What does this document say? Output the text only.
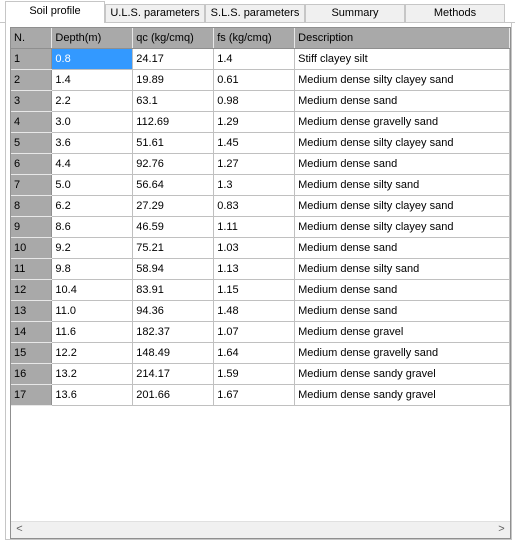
Soil profile	U.L.S. parameters	S.L.S. parameters	Summary	Methods
N.	Depth(m)	qc (kg/cmq)	fs (kg/cmq)	Description
1	0.8	24.17	1.4	Stiff clayey silt
2	1.4	19.89	0.61	Medium dense silty clayey sand
3	2.2	63.1	0.98	Medium dense sand
4	3.0	112.69	1.29	Medium dense gravelly sand
5	3.6	51.61	1.45	Medium dense silty clayey sand
6	4.4	92.76	1.27	Medium dense sand
7	5.0	56.64	1.3	Medium dense silty sand
8	6.2	27.29	0.83	Medium dense silty clayey sand
9	8.6	46.59	1.11	Medium dense silty clayey sand
10	9.2	75.21	1.03	Medium dense sand
11	9.8	58.94	1.13	Medium dense silty sand
12	10.4	83.91	1.15	Medium dense sand
13	11.0	94.36	1.48	Medium dense sand
14	11.6	182.37	1.07	Medium dense gravel
15	12.2	148.49	1.64	Medium dense gravelly sand
16	13.2	214.17	1.59	Medium dense sandy gravel
17	13.6	201.66	1.67	Medium dense sandy gravel
<	>
